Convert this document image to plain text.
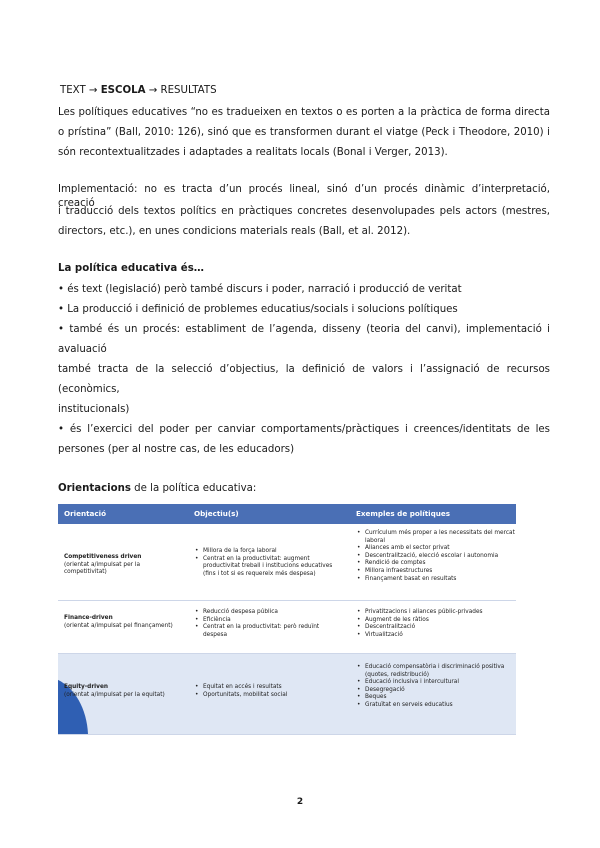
TEXT → ESCOLA → RESULTATS
Les polítiques educatives “no es tradueixen en textos o es porten a la pràctica de forma directa
o prístina” (Ball, 2010: 126), sinó que es transformen durant el viatge (Peck i Theodore, 2010) i
són recontextualitzades i adaptades a realitats locals (Bonal i Verger, 2013).
Implementació: no es tracta d’un procés lineal, sinó d’un procés dinàmic d’interpretació, creació
i traducció dels textos polítics en pràctiques concretes desenvolupades pels actors (mestres,
directors, etc.), en unes condicions materials reals (Ball, et al. 2012).
La política educativa és…
• és text (legislació) però també discurs i poder, narració i producció de veritat
• La producció i definició de problemes educatius/socials i solucions polítiques
• també és un procés: establiment de l’agenda, disseny (teoria del canvi), implementació i
avaluació
també tracta de la selecció d’objectius, la definició de valors i l’assignació de recursos
(econòmics,
institucionals)
• és l’exercici del poder per canviar comportaments/pràctiques i creences/identitats de les
persones (per al nostre cas, de les educadors)
Orientacions de la política educativa:
Orientació	Objectiu(s)	Exemples de polítiques
Competitiveness driven
(orientat a/impulsat per la competitivitat)
• Millora de la força laboral
• Centrat en la productivitat: augment productivitat treball i institucions educatives (fins i tot si es requereix més despesa)
• Currículum més proper a les necessitats del mercat laboral
• Aliances amb el sector privat
• Descentralització, elecció escolar i autonomia
• Rendició de comptes
• Millora infraestructures
• Finançament basat en resultats
Finance-driven
(orientat a/impulsat pel finançament)
• Reducció despesa pública
• Eficiència
• Centrat en la productivitat: però reduïnt despesa
• Privatitzacions i aliances públic-privades
• Augment de les ràtios
• Descentralització
• Virtualització
Equity-driven
(orientat a/impulsat per la equitat)
• Equitat en accés i resultats
• Oportunitats, mobilitat social
• Educació compensatòria i discriminació positiva (quotes, redistribució)
• Educació inclusiva i intercultural
• Desegregació
• Beques
• Gratuïtat en serveis educatius
2
